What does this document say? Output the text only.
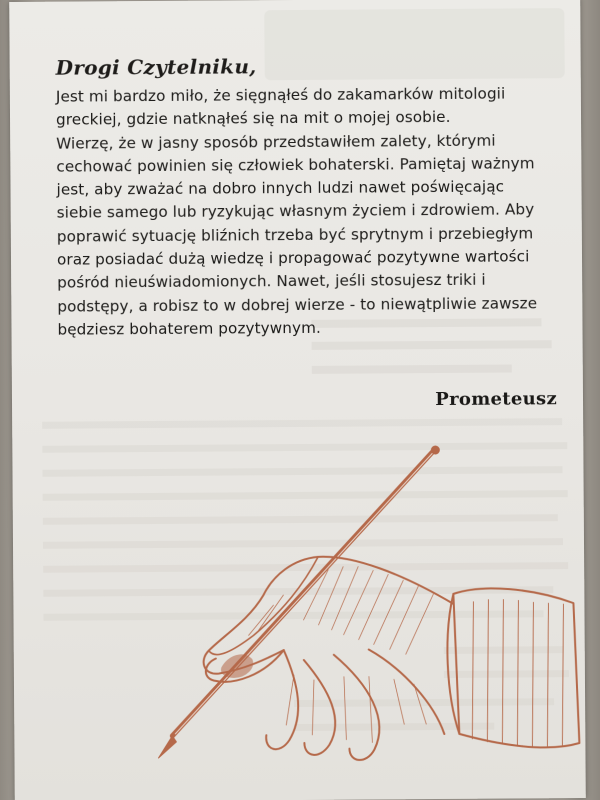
Drogi Czytelniku,
Jest mi bardzo miło, że sięgnąłeś do zakamarków mitologii
greckiej, gdzie natknąłeś się na mit o mojej osobie.
Wierzę, że w jasny sposób przedstawiłem zalety, którymi
cechować powinien się człowiek bohaterski. Pamiętaj ważnym
jest, aby zważać na dobro innych ludzi nawet poświęcając
siebie samego lub ryzykując własnym życiem i zdrowiem. Aby
poprawić sytuację bliźnich trzeba być sprytnym i przebiegłym
oraz posiadać dużą wiedzę i propagować pozytywne wartości
pośród nieuświadomionych. Nawet, jeśli stosujesz triki i
podstępy, a robisz to w dobrej wierze - to niewątpliwie zawsze
będziesz bohaterem pozytywnym.
Prometeusz
